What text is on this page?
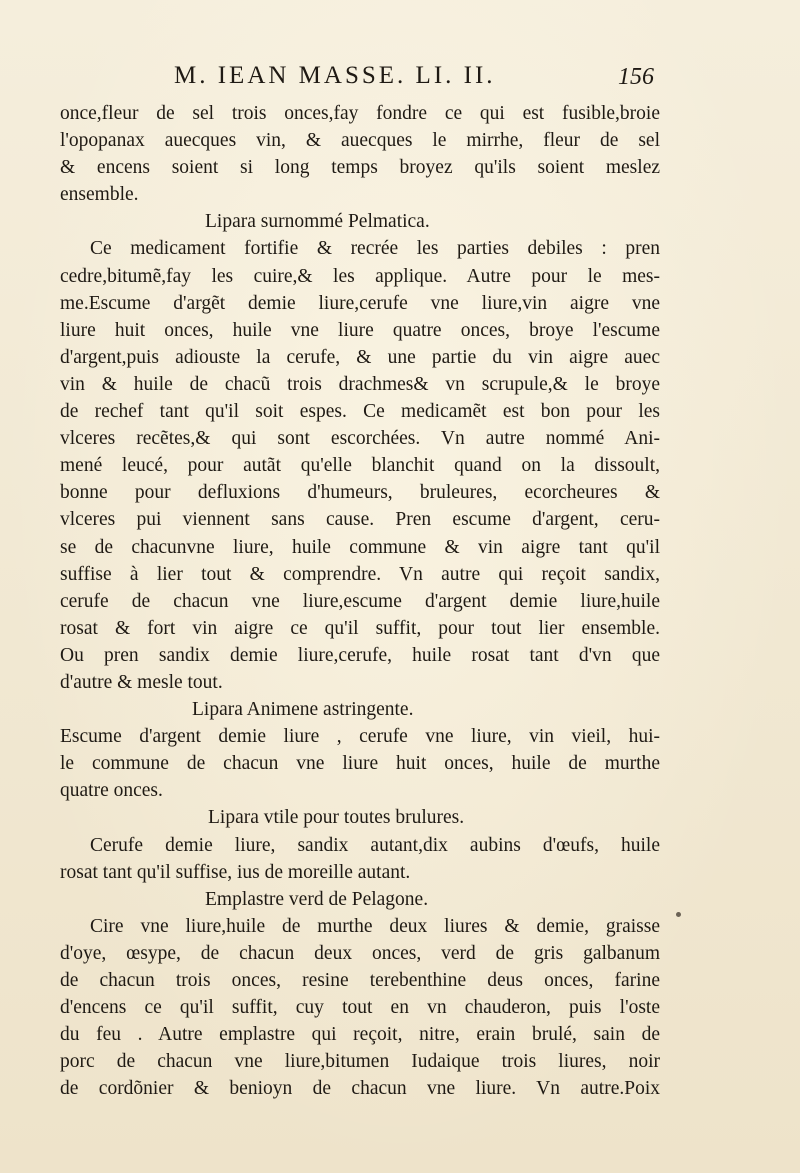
M. IEAN MASSE. LI. II.	156
once,fleur de sel trois onces,fay fondre ce qui est fusible,broie
l'opopanax auecques vin, & auecques le mirrhe, fleur de sel
& encens soient si long temps broyez qu'ils soient meslez
ensemble.
Lipara surnommé Pelmatica.
Ce medicament fortifie & recrée les parties debiles : pren
cedre,bitumẽ,fay les cuire,& les applique. Autre pour le mes-
me.Escume d'argẽt demie liure,cerufe vne liure,vin aigre vne
liure huit onces, huile vne liure quatre onces, broye l'escume
d'argent,puis adiouste la cerufe, & une partie du vin aigre auec
vin & huile de chacũ trois drachmes& vn scrupule,& le broye
de rechef tant qu'il soit espes. Ce medicamẽt est bon pour les
vlceres recẽtes,& qui sont escorchées. Vn autre nommé Ani-
mené leucé, pour autãt qu'elle blanchit quand on la dissoult,
bonne pour defluxions d'humeurs, bruleures, ecorcheures &
vlceres pui viennent sans cause. Pren escume d'argent, ceru-
se de chacunvne liure, huile commune & vin aigre tant qu'il
suffise à lier tout & comprendre. Vn autre qui reçoit sandix,
cerufe de chacun vne liure,escume d'argent demie liure,huile
rosat & fort vin aigre ce qu'il suffit, pour tout lier ensemble.
Ou pren sandix demie liure,cerufe, huile rosat tant d'vn que
d'autre & mesle tout.
Lipara Animene astringente.
Escume d'argent demie liure , cerufe vne liure, vin vieil, hui-
le commune de chacun vne liure huit onces, huile de murthe
quatre onces.
Lipara vtile pour toutes brulures.
Cerufe demie liure, sandix autant,dix aubins d'œufs, huile
rosat tant qu'il suffise, ius de moreille autant.
Emplastre verd de Pelagone.
Cire vne liure,huile de murthe deux liures & demie, graisse
d'oye, œsype, de chacun deux onces, verd de gris galbanum
de chacun trois onces, resine terebenthine deus onces, farine
d'encens ce qu'il suffit, cuy tout en vn chauderon, puis l'oste
du feu . Autre emplastre qui reçoit, nitre, erain brulé, sain de
porc de chacun vne liure,bitumen Iudaique trois liures, noir
de cordõnier & benioyn de chacun vne liure. Vn autre.Poix
